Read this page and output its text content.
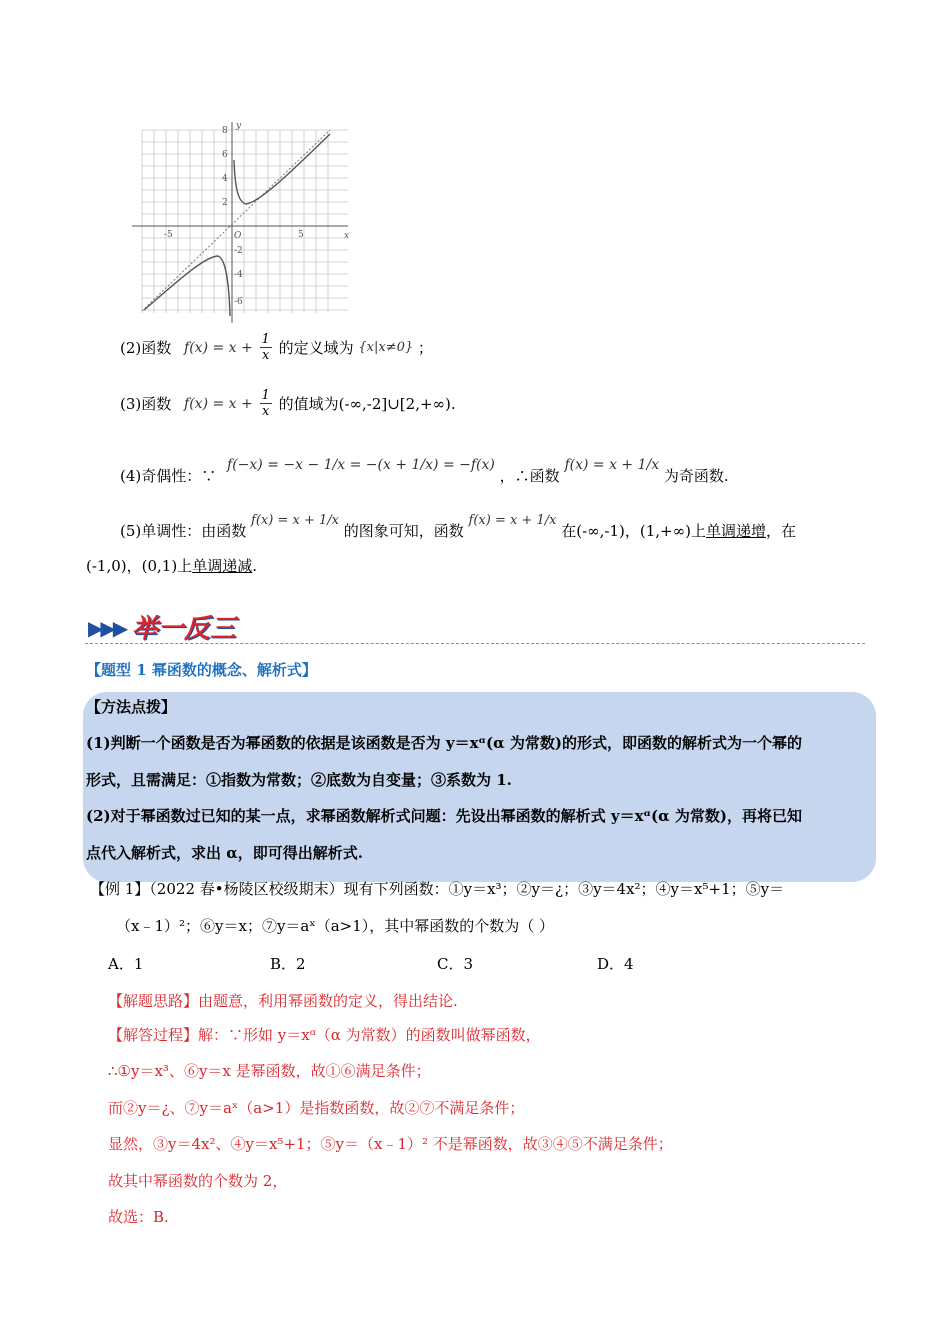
y
x
O
-5	5
8
6
4
2
-2
-4
-6
(2)函数 $f(x) = x + \frac{1}{x}$ 的定义域为 {x|x≠0} ；
(3)函数 $f(x) = x + \frac{1}{x}$ 的值域为(-∞,-2]∪[2,+∞).
(4)奇偶性：∵ f(−x) = −x − 1/x = −(x + 1/x) = −f(x) ，∴函数 f(x) = x + 1/x 为奇函数.
(5)单调性：由函数 f(x) = x + 1/x 的图象可知，函数 f(x) = x + 1/x 在(-∞,-1)，(1,+∞)上单调递增，在
(-1,0)，(0,1)上单调递减.
▶▶▶ 举一反三
【题型 1 幂函数的概念、解析式】
【方法点拨】
(1)判断一个函数是否为幂函数的依据是该函数是否为 y＝xᵅ(α 为常数)的形式，即函数的解析式为一个幂的
形式，且需满足：①指数为常数；②底数为自变量；③系数为 1.
(2)对于幂函数过已知的某一点，求幂函数解析式问题：先设出幂函数的解析式 y＝xᵅ(α 为常数)，再将已知
点代入解析式，求出 α，即可得出解析式.
【例 1】（2022 春•杨陵区校级期末）现有下列函数：①y＝x³；②y＝¿；③y＝4x²；④y＝x⁵+1；⑤y＝
（x﹣1）²；⑥y＝x；⑦y＝aˣ（a>1），其中幂函数的个数为（ ）
A．1	B．2	C．3	D．4
【解题思路】由题意，利用幂函数的定义，得出结论.
【解答过程】解：∵形如 y＝xᵅ（α 为常数）的函数叫做幂函数，
∴①y＝x³、⑥y＝x 是幂函数，故①⑥满足条件；
而②y＝¿、⑦y＝aˣ（a>1）是指数函数，故②⑦不满足条件；
显然，③y＝4x²、④y＝x⁵+1；⑤y＝（x﹣1）² 不是幂函数，故③④⑤不满足条件；
故其中幂函数的个数为 2，
故选：B.
